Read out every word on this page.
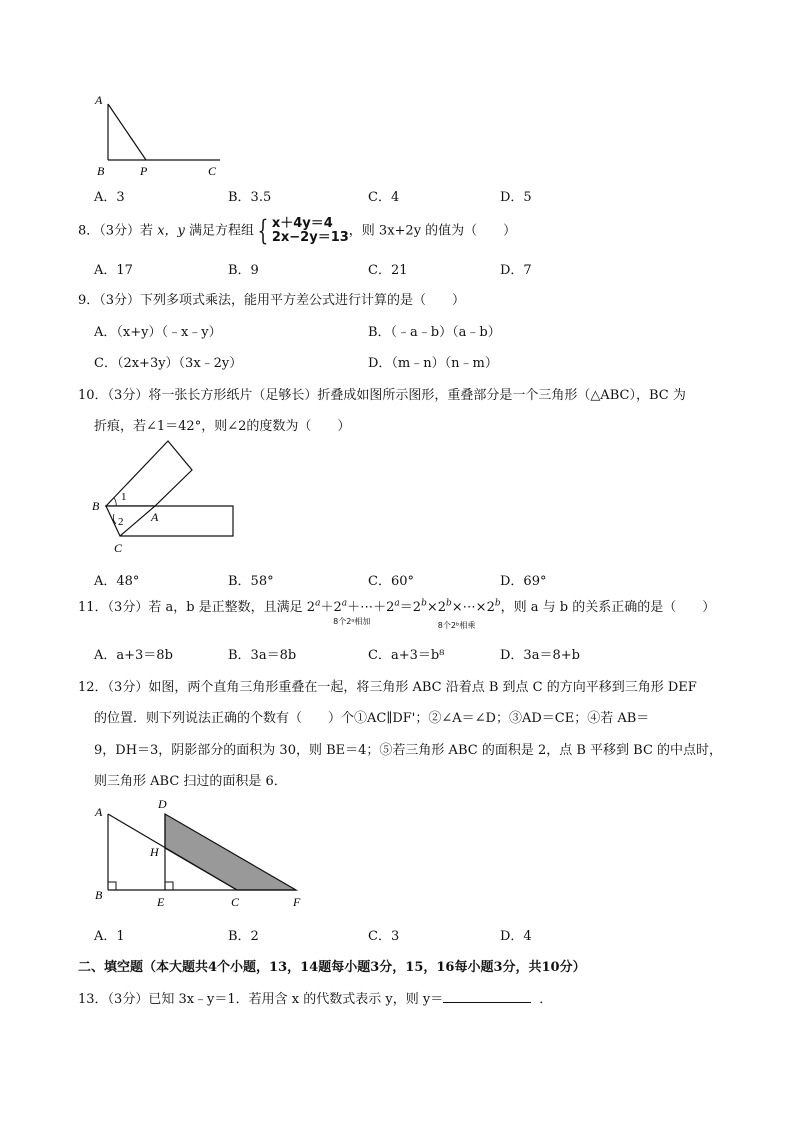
A
B	P	C
A．3	B．3.5	C．4	D．5
8．（3分）若 x，y 满足方程组 { x＋4y＝4
2x−2y＝13，则 3x+2y 的值为（　　）
A．17	B．9	C．21	D．7
9．（3分）下列多项式乘法，能用平方差公式进行计算的是（　　）
A．（x+y）（﹣x﹣y）	B．（﹣a﹣b）（a﹣b）
C．（2x+3y）（3x﹣2y）	D．（m﹣n）（n﹣m）
10．（3分）将一张长方形纸片（足够长）折叠成如图所示图形，重叠部分是一个三角形（△ABC），BC 为
折痕，若∠1＝42°，则∠2的度数为（　　）
B
1
A
2
C
A．48°	B．58°	C．60°	D．69°
11．（3分）若 a，b 是正整数，且满足 $2^a+2^a+$
8个2ᵃ相加
$\cdots+2^a=2^b\times 2^b\times$
8个2ᵇ相乘
$\cdots\times 2^b$，则 a 与 b 的关系正确的是（　　）
A．a+3＝8b	B．3a＝8b	C．a+3＝b⁸	D．3a＝8+b
12．（3分）如图，两个直角三角形重叠在一起，将三角形 ABC 沿着点 B 到点 C 的方向平移到三角形 DEF
的位置．则下列说法正确的个数有（　　）个①AC∥DF'；②∠A＝∠D；③AD＝CE；④若 AB＝
9，DH＝3，阴影部分的面积为 30，则 BE＝4；⑤若三角形 ABC 的面积是 2，点 B 平移到 BC 的中点时，
则三角形 ABC 扫过的面积是 6．
A
D
H
B	E	C	F
A．1	B．2	C．3	D．4
二、填空题（本大题共4个小题，13，14题每小题3分，15，16每小题3分，共10分）
13．（3分）已知 3x﹣y＝1．若用含 x 的代数式表示 y，则 y＝	．
